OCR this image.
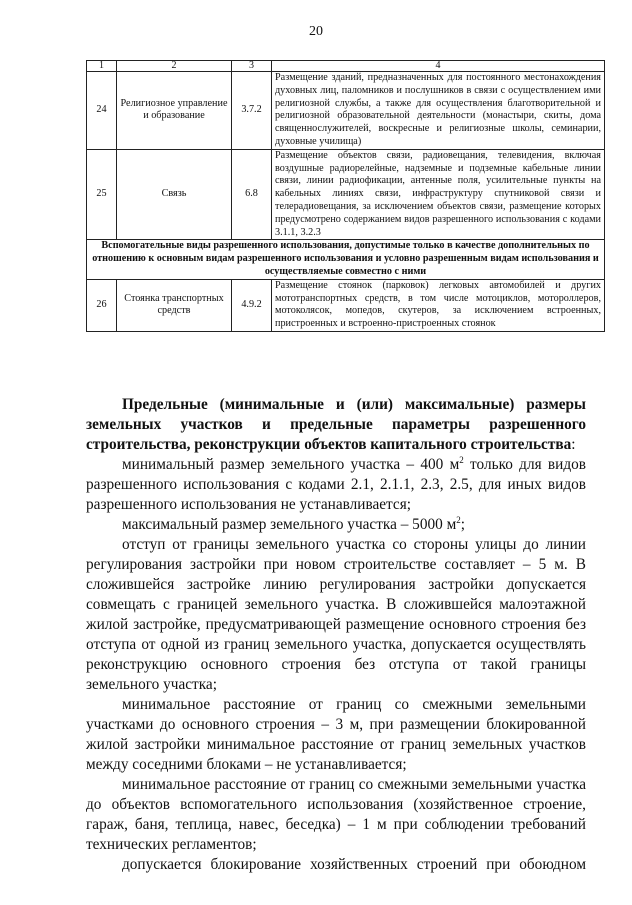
20
1	2	3	4
24	Религиозное управление и образование	3.7.2	Размещение зданий, предназначенных для постоянного местонахождения духовных лиц, паломников и послушников в связи с осуществлением ими религиозной службы, а также для осуществления благотворительной и религиозной образовательной деятельности (монастыри, скиты, дома священнослужителей, воскресные и религиозные школы, семинарии, духовные училища)
25	Связь	6.8	Размещение объектов связи, радиовещания, телевидения, включая воздушные радиорелейные, надземные и подземные кабельные линии связи, линии радиофикации, антенные поля, усилительные пункты на кабельных линиях связи, инфраструктуру спутниковой связи и телерадиовещания, за исключением объектов связи, размещение которых предусмотрено содержанием видов разрешенного использования с кодами 3.1.1, 3.2.3
Вспомогательные виды разрешенного использования, допустимые только в качестве дополнительных по отношению к основным видам разрешенного использования и условно разрешенным видам использования и осуществляемые совместно с ними			
26	Стоянка транспортных средств	4.9.2	Размещение стоянок (парковок) легковых автомобилей и других мототранспортных средств, в том числе мотоциклов, мотороллеров, мотоколясок, мопедов, скутеров, за исключением встроенных, пристроенных и встроенно-пристроенных стоянок

Предельные (минимальные и (или) максимальные) размеры земельных участков и предельные параметры разрешенного строительства, реконструкции объектов капитального строительства:

минимальный размер земельного участка – 400 $м^2$ только для видов разрешенного использования с кодами 2.1, 2.1.1, 2.3, 2.5, для иных видов разрешенного использования не устанавливается;

максимальный размер земельного участка – 5000 $м^2$;

отступ от границы земельного участка со стороны улицы до линии регулирования застройки при новом строительстве составляет – 5 м. В сложившейся застройке линию регулирования застройки допускается совмещать с границей земельного участка. В сложившейся малоэтажной жилой застройке, предусматривающей размещение основного строения без отступа от одной из границ земельного участка, допускается осуществлять реконструкцию основного строения без отступа от такой границы земельного участка;

минимальное расстояние от границ со смежными земельными участками до основного строения – 3 м, при размещении блокированной жилой застройки минимальное расстояние от границ земельных участков между соседними блоками – не устанавливается;

минимальное расстояние от границ со смежными земельными участка до объектов вспомогательного использования (хозяйственное строение, гараж, баня, теплица, навес, беседка) – 1 м при соблюдении требований технических регламентов;

допускается блокирование хозяйственных строений при обоюдном
